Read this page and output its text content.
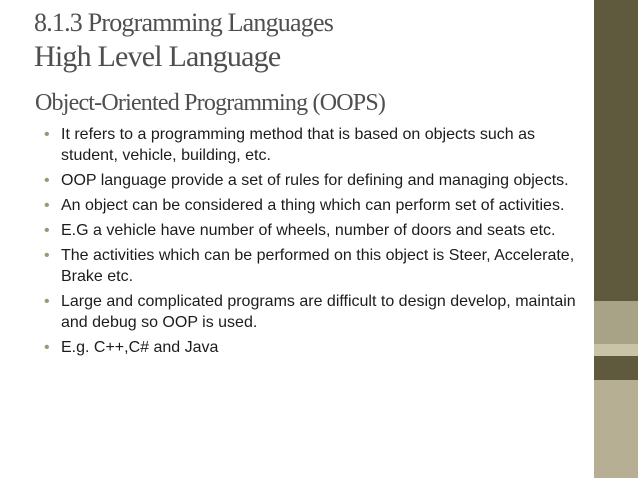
8.1.3 Programming Languages
High Level Language
Object-Oriented Programming (OOPS)
• It refers to a programming method that is based on objects such as student, vehicle, building, etc.
• OOP language provide a set of rules for defining and managing objects.
• An object can be considered a thing which can perform set of activities.
• E.G a vehicle have number of wheels, number of doors and seats etc.
• The activities which can be performed on this object is Steer, Accelerate, Brake etc.
• Large and complicated programs are difficult to design develop, maintain and debug so OOP is used.
• E.g. C++,C# and Java
